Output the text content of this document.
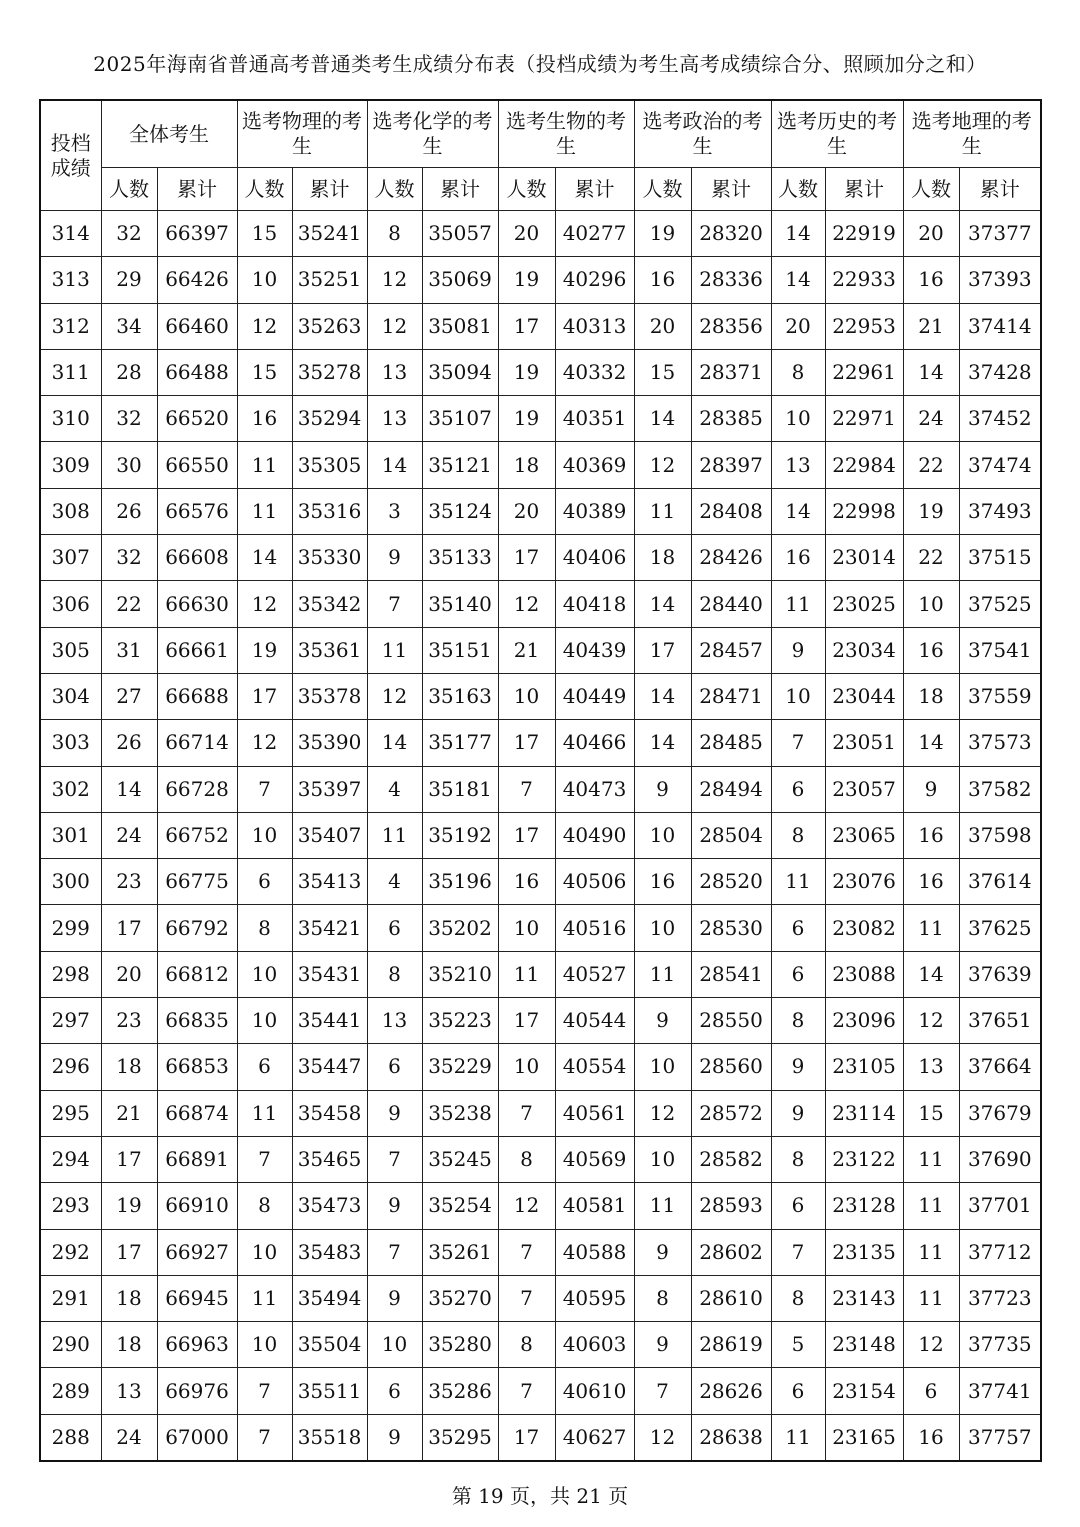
2025年海南省普通高考普通类考生成绩分布表（投档成绩为考生高考成绩综合分、照顾加分之和）
投档成绩	全体考生		选考物理的考生		选考化学的考生		选考生物的考生		选考政治的考生		选考历史的考生		选考地理的考生	
	人数	累计	人数	累计	人数	累计	人数	累计	人数	累计	人数	累计	人数	累计
314	32	66397	15	35241	8	35057	20	40277	19	28320	14	22919	20	37377
313	29	66426	10	35251	12	35069	19	40296	16	28336	14	22933	16	37393
312	34	66460	12	35263	12	35081	17	40313	20	28356	20	22953	21	37414
311	28	66488	15	35278	13	35094	19	40332	15	28371	8	22961	14	37428
310	32	66520	16	35294	13	35107	19	40351	14	28385	10	22971	24	37452
309	30	66550	11	35305	14	35121	18	40369	12	28397	13	22984	22	37474
308	26	66576	11	35316	3	35124	20	40389	11	28408	14	22998	19	37493
307	32	66608	14	35330	9	35133	17	40406	18	28426	16	23014	22	37515
306	22	66630	12	35342	7	35140	12	40418	14	28440	11	23025	10	37525
305	31	66661	19	35361	11	35151	21	40439	17	28457	9	23034	16	37541
304	27	66688	17	35378	12	35163	10	40449	14	28471	10	23044	18	37559
303	26	66714	12	35390	14	35177	17	40466	14	28485	7	23051	14	37573
302	14	66728	7	35397	4	35181	7	40473	9	28494	6	23057	9	37582
301	24	66752	10	35407	11	35192	17	40490	10	28504	8	23065	16	37598
300	23	66775	6	35413	4	35196	16	40506	16	28520	11	23076	16	37614
299	17	66792	8	35421	6	35202	10	40516	10	28530	6	23082	11	37625
298	20	66812	10	35431	8	35210	11	40527	11	28541	6	23088	14	37639
297	23	66835	10	35441	13	35223	17	40544	9	28550	8	23096	12	37651
296	18	66853	6	35447	6	35229	10	40554	10	28560	9	23105	13	37664
295	21	66874	11	35458	9	35238	7	40561	12	28572	9	23114	15	37679
294	17	66891	7	35465	7	35245	8	40569	10	28582	8	23122	11	37690
293	19	66910	8	35473	9	35254	12	40581	11	28593	6	23128	11	37701
292	17	66927	10	35483	7	35261	7	40588	9	28602	7	23135	11	37712
291	18	66945	11	35494	9	35270	7	40595	8	28610	8	23143	11	37723
290	18	66963	10	35504	10	35280	8	40603	9	28619	5	23148	12	37735
289	13	66976	7	35511	6	35286	7	40610	7	28626	6	23154	6	37741
288	24	67000	7	35518	9	35295	17	40627	12	28638	11	23165	16	37757
第 19 页，共 21 页
